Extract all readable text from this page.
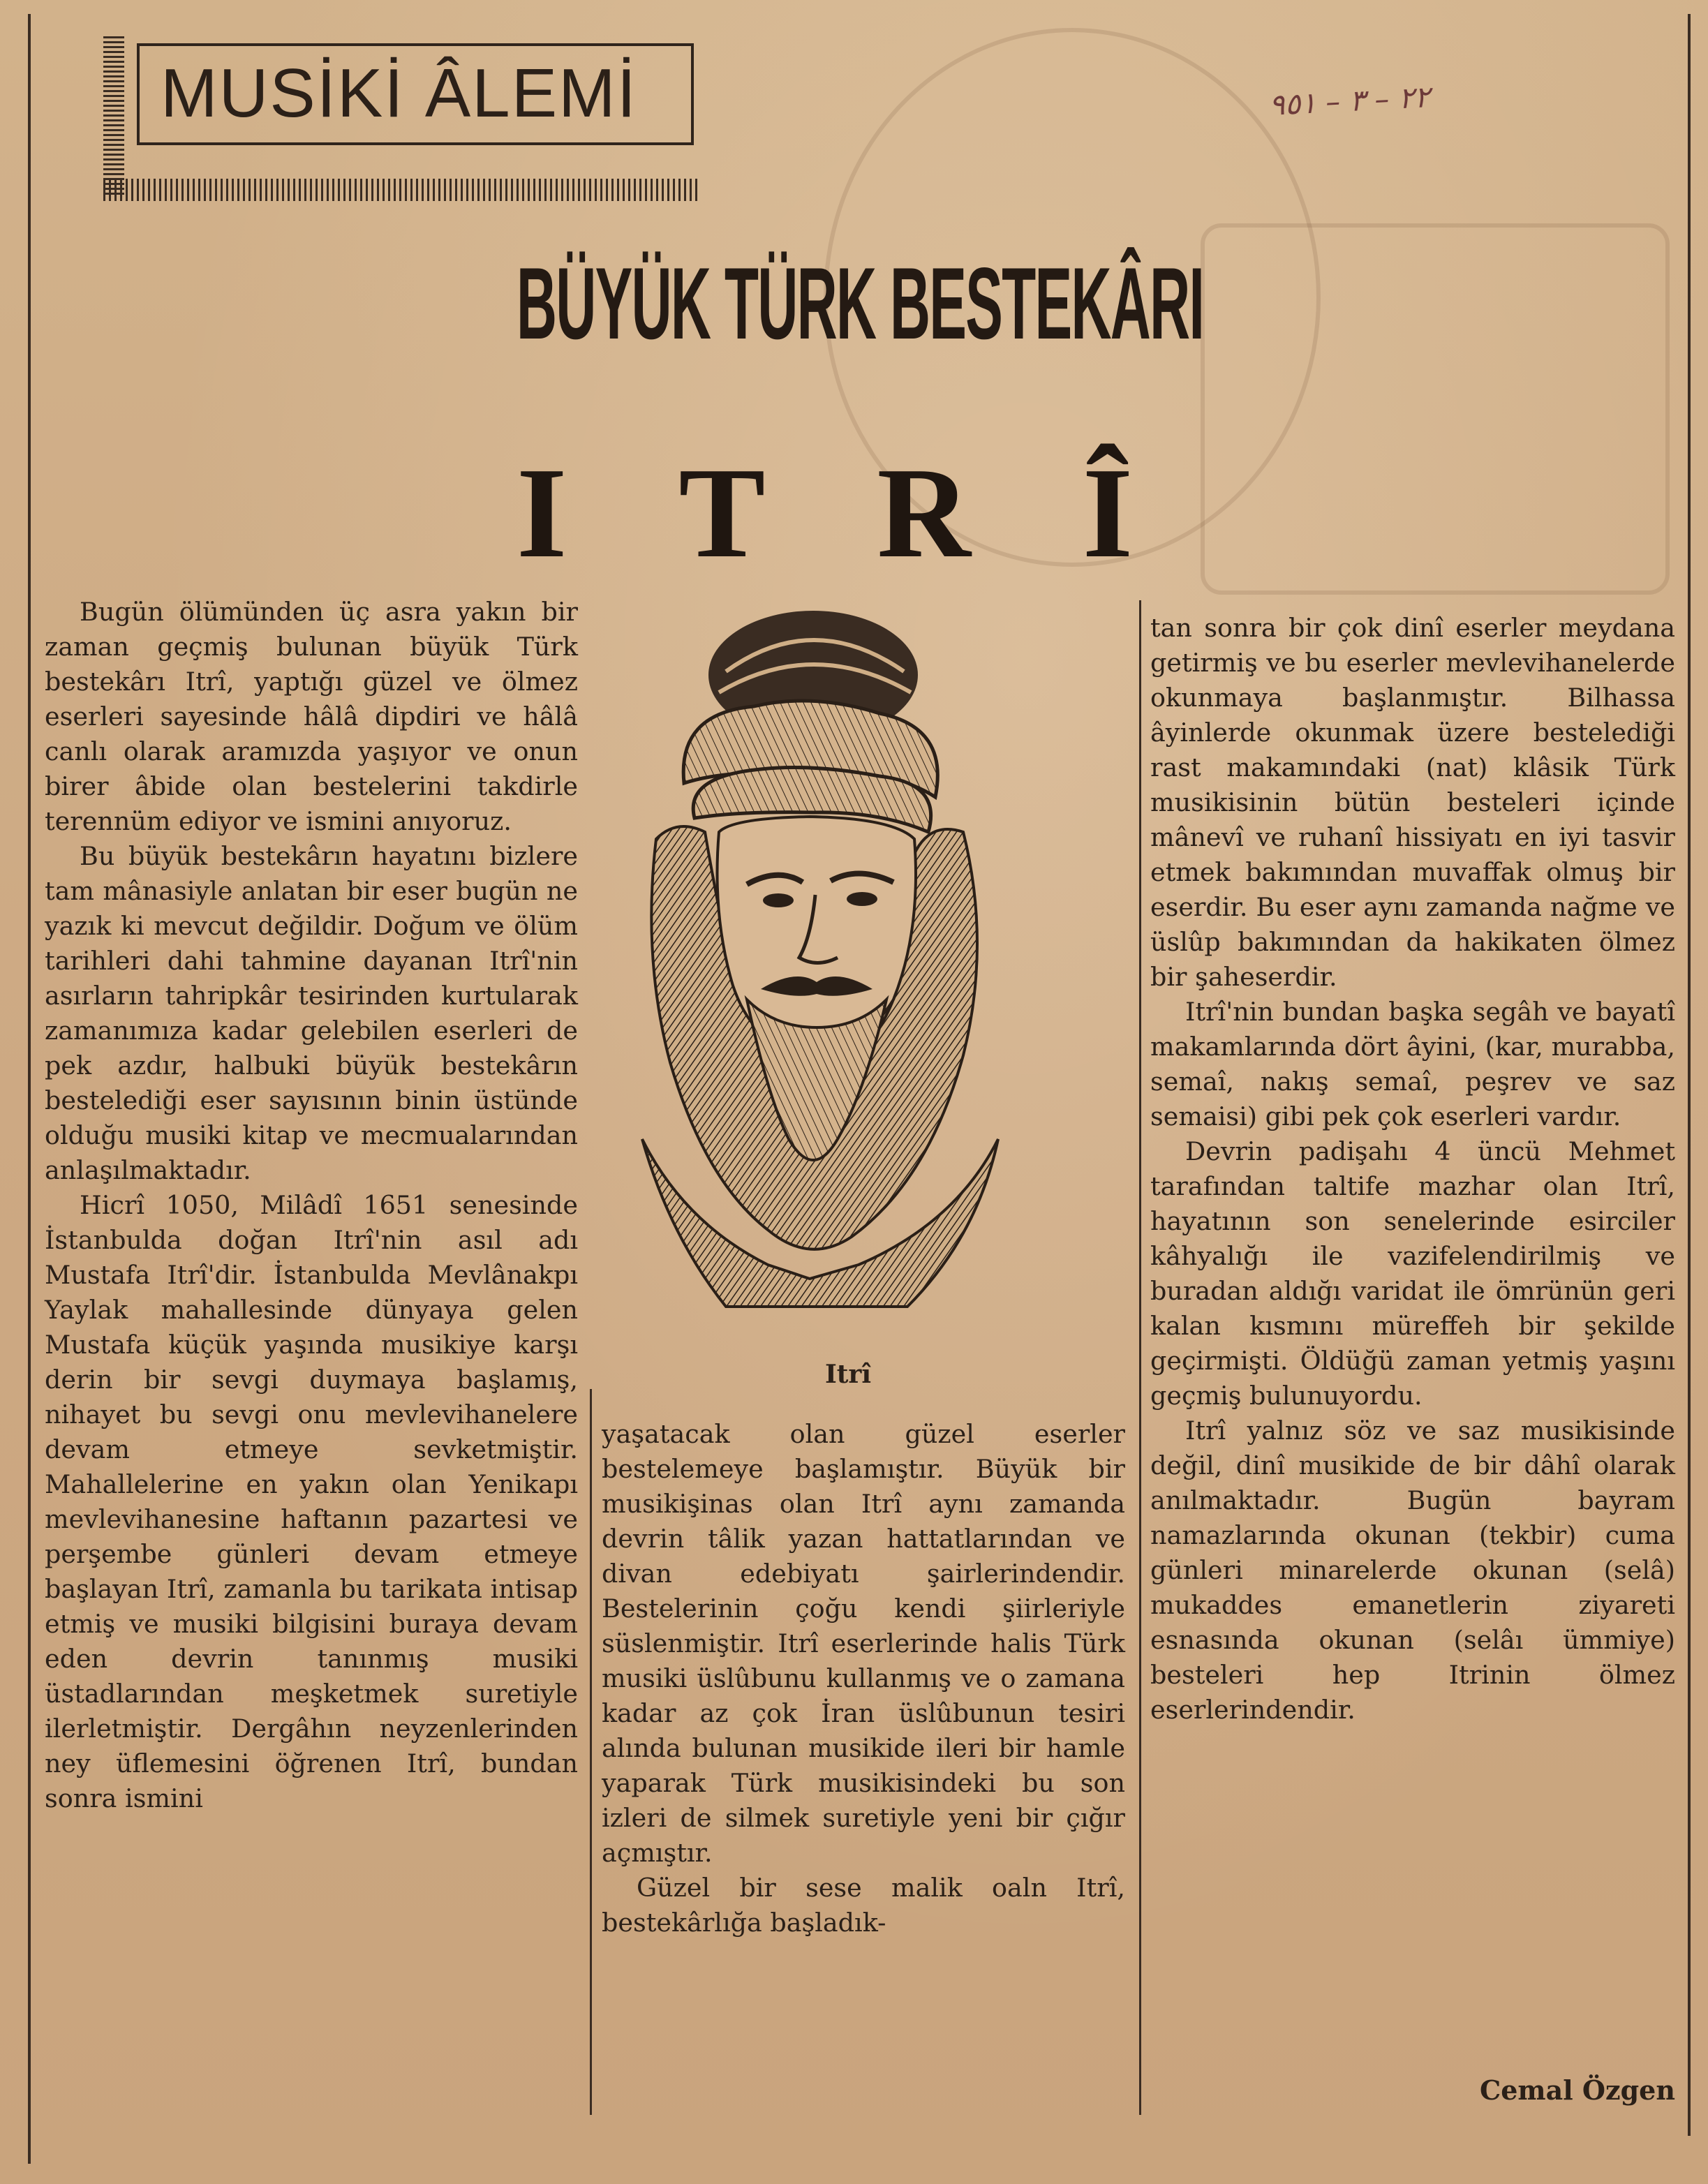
MUSİKİ ÂLEMİ	٢٢ – ٣ – ٩٥١
BÜYÜK TÜRK BESTEKÂRI
ITRÎ

Bugün ölümünden üç asra yakın bir zaman geçmiş bulunan büyük Türk bestekârı Itrî, yaptığı güzel ve ölmez eserleri sayesinde hâlâ dipdiri ve hâlâ canlı olarak aramızda yaşıyor ve onun birer âbide olan bestelerini takdirle terennüm ediyor ve ismini anıyoruz.

Bu büyük bestekârın hayatını bizlere tam mânasiyle anlatan bir eser bugün ne yazık ki mevcut değildir. Doğum ve ölüm tarihleri dahi tahmine dayanan Itrî'nin asırların tahripkâr tesirinden kurtularak zamanımıza kadar gelebilen eserleri de pek azdır, halbuki büyük bestekârın bestelediği eser sayısının binin üstünde olduğu musiki kitap ve mecmualarından anlaşılmaktadır.

Hicrî 1050, Milâdî 1651 senesinde İstanbulda doğan Itrî'nin asıl adı Mustafa Itrî'dir. İstanbulda Mevlânakpı Yaylak mahallesinde dünyaya gelen Mustafa küçük yaşında musikiye karşı derin bir sevgi duymaya başlamış, nihayet bu sevgi onu mevlevihanelere devam etmeye sevketmiştir. Mahallelerine en yakın olan Yenikapı mevlevihanesine haftanın pazartesi ve perşembe günleri devam etmeye başlayan Itrî, zamanla bu tarikata intisap etmiş ve musiki bilgisini buraya devam eden devrin tanınmış musiki üstadlarından meşketmek suretiyle ilerletmiştir. Dergâhın neyzenlerinden ney üflemesini öğrenen Itrî, bundan sonra ismini

Itrî

yaşatacak olan güzel eserler bestelemeye başlamıştır. Büyük bir musikişinas olan Itrî aynı zamanda devrin tâlik yazan hattatlarından ve divan edebiyatı şairlerindendir. Bestelerinin çoğu kendi şiirleriyle süslenmiştir. Itrî eserlerinde halis Türk musiki üslûbunu kullanmış ve o zamana kadar az çok İran üslûbunun tesiri alında bulunan musikide ileri bir hamle yaparak Türk musikisindeki bu son izleri de silmek suretiyle yeni bir çığır açmıştır.

Güzel bir sese malik oaln Itrî, bestekârlığa başladık-

tan sonra bir çok dinî eserler meydana getirmiş ve bu eserler mevlevihanelerde okunmaya başlanmıştır. Bilhassa âyinlerde okunmak üzere bestelediği rast makamındaki (nat) klâsik Türk musikisinin bütün besteleri içinde mânevî ve ruhanî hissiyatı en iyi tasvir etmek bakımından muvaffak olmuş bir eserdir. Bu eser aynı zamanda nağme ve üslûp bakımından da hakikaten ölmez bir şaheserdir.

Itrî'nin bundan başka segâh ve bayatî makamlarında dört âyini, (kar, murabba, semaî, nakış semaî, peşrev ve saz semaisi) gibi pek çok eserleri vardır.

Devrin padişahı 4 üncü Mehmet tarafından taltife mazhar olan Itrî, hayatının son senelerinde esirciler kâhyalığı ile vazifelendirilmiş ve buradan aldığı varidat ile ömrünün geri kalan kısmını müreffeh bir şekilde geçirmişti. Öldüğü zaman yetmiş yaşını geçmiş bulunuyordu.

Itrî yalnız söz ve saz musikisinde değil, dinî musikide de bir dâhî olarak anılmaktadır. Bugün bayram namazlarında okunan (tekbir) cuma günleri minarelerde okunan (selâ) mukaddes emanetlerin ziyareti esnasında okunan (selâı ümmiye) besteleri hep Itrinin ölmez eserlerindendir.

Cemal Özgen
